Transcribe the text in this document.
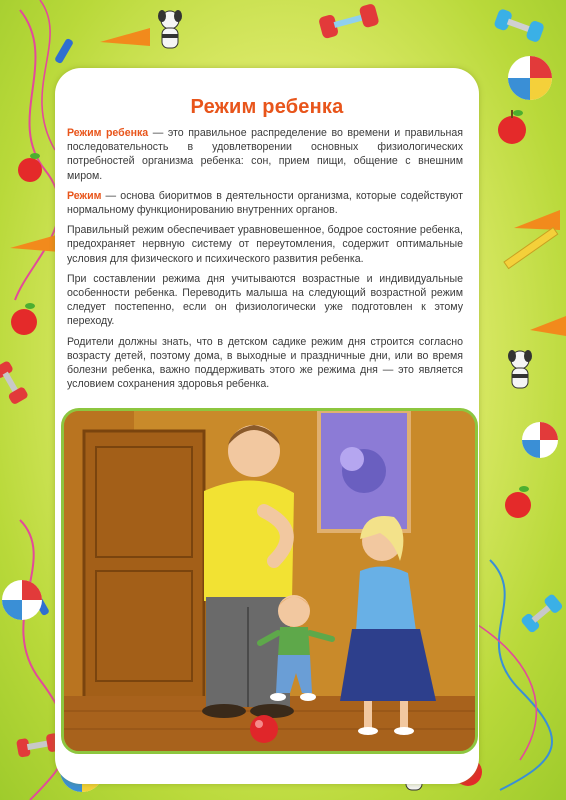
Режим ребенка

Режим ребенка — это правильное распределение во времени и правильная последовательность в удовлетворении основных физиологических потребностей организма ребенка: сон, прием пищи, общение с внешним миром.

Режим — основа биоритмов в деятельности организма, которые содействуют нормальному функционированию внутренних органов.

Правильный режим обеспечивает уравновешенное, бодрое состояние ребенка, предохраняет нервную систему от переутомления, содержит оптимальные условия для физического и психического развития ребенка.

При составлении режима дня учитываются возрастные и индивидуальные особенности ребенка. Переводить малыша на следующий возрастной режим следует постепенно, если он физиологически уже подготовлен к этому переходу.

Родители должны знать, что в детском садике режим дня строится согласно возрасту детей, поэтому дома, в выходные и праздничные дни, или во время болезни ребенка, важно поддерживать этого же режима дня — это является условием сохранения здоровья ребенка.
